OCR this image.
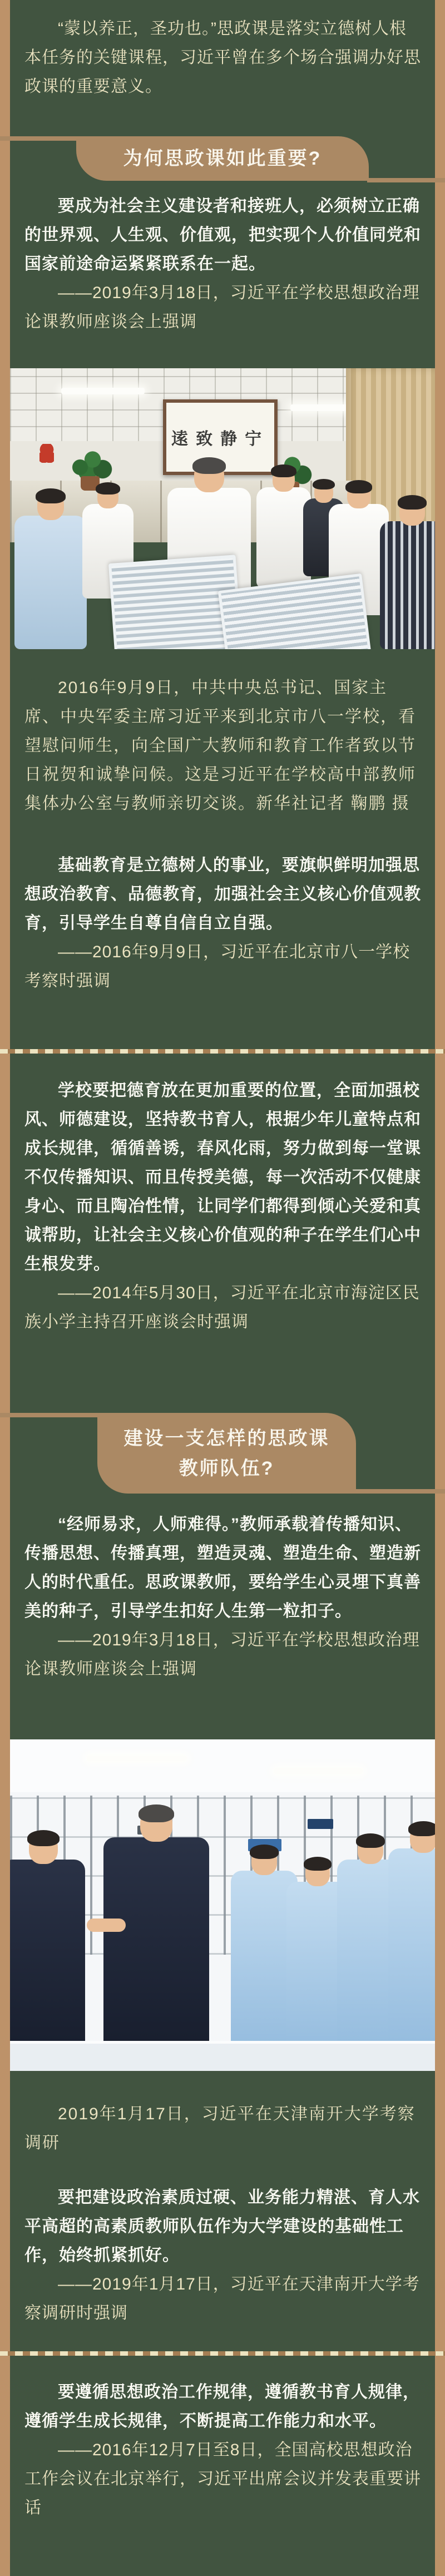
“蒙以养正，圣功也。”思政课是落实立德树人根本任务的关键课程，习近平曾在多个场合强调办好思政课的重要意义。

为何思政课如此重要?

要成为社会主义建设者和接班人，必须树立正确的世界观、人生观、价值观，把实现个人价值同党和国家前途命运紧紧联系在一起。

——2019年3月18日，习近平在学校思想政治理论课教师座谈会上强调

逺致静宁

2016年9月9日，中共中央总书记、国家主席、中央军委主席习近平来到北京市八一学校，看望慰问师生，向全国广大教师和教育工作者致以节日祝贺和诚挚问候。这是习近平在学校高中部教师集体办公室与教师亲切交谈。新华社记者 鞠鹏 摄

基础教育是立德树人的事业，要旗帜鲜明加强思想政治教育、品德教育，加强社会主义核心价值观教育，引导学生自尊自信自立自强。

——2016年9月9日，习近平在北京市八一学校考察时强调

学校要把德育放在更加重要的位置，全面加强校风、师德建设，坚持教书育人，根据少年儿童特点和成长规律，循循善诱，春风化雨，努力做到每一堂课不仅传播知识、而且传授美德，每一次活动不仅健康身心、而且陶冶性情，让同学们都得到倾心关爱和真诚帮助，让社会主义核心价值观的种子在学生们心中生根发芽。

——2014年5月30日，习近平在北京市海淀区民族小学主持召开座谈会时强调

建设一支怎样的思政课
教师队伍?

“经师易求，人师难得。”教师承载着传播知识、传播思想、传播真理，塑造灵魂、塑造生命、塑造新人的时代重任。思政课教师，要给学生心灵埋下真善美的种子，引导学生扣好人生第一粒扣子。

——2019年3月18日，习近平在学校思想政治理论课教师座谈会上强调

2019年1月17日，习近平在天津南开大学考察调研

要把建设政治素质过硬、业务能力精湛、育人水平高超的高素质教师队伍作为大学建设的基础性工作，始终抓紧抓好。

——2019年1月17日，习近平在天津南开大学考察调研时强调

要遵循思想政治工作规律，遵循教书育人规律，遵循学生成长规律，不断提高工作能力和水平。

——2016年12月7日至8日，全国高校思想政治工作会议在北京举行，习近平出席会议并发表重要讲话
